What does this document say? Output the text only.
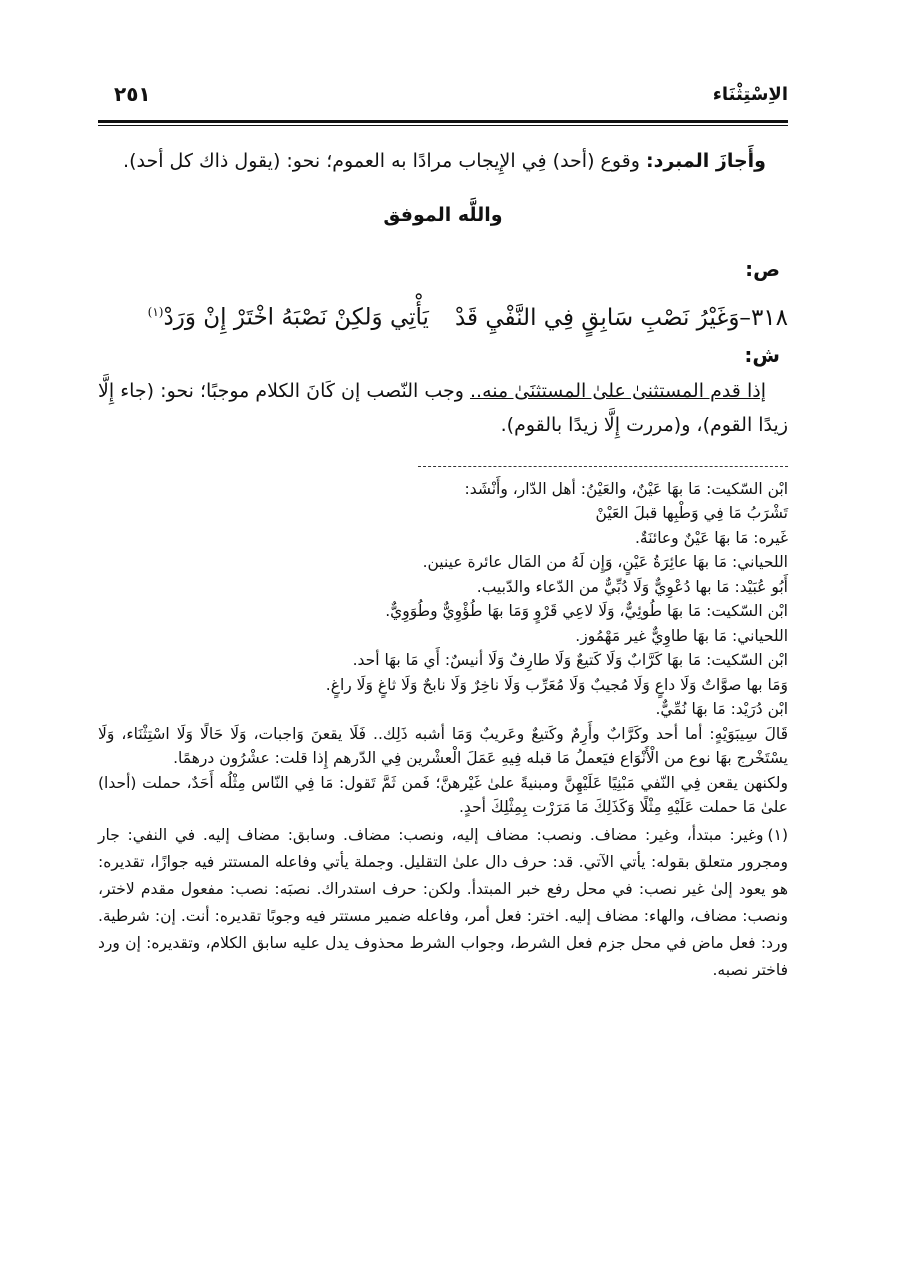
الاِسْتِثْنَاء
٢٥١

وأَجازَ المبرد: وقوع (أحد) فِي الإِيجاب مرادًا به العموم؛ نحو: (يقول ذاك كل أحد).

واللَّه الموفق
ص:
٣١٨–وَغَيْرُ نَصْبِ سَابِقٍ فِي النَّفْيِ قَدْيَأْتِي وَلكِنْ نَصْبَهُ اخْتَرْ إِنْ وَرَدْ$^{(١)}$
ش:

إذا قدم المستثنىٰ علىٰ المستثنَىٰ منه.. وجب النّصب إن كَانَ الكلام موجبًا؛ نحو: (جاء إِلَّا زيدًا القوم)، و(مررت إِلَّا زيدًا بالقوم).

ابْن السّكيت: مَا بهَا عَيْنٌ، والعَيْنُ: أهل الدّار، وأَنْشَد:
تَشْرَبُ مَا فِي وَطْبِها قبلَ العَيْنْ
غَيره: مَا بهَا عَيْنٌ وعائنَةٌ.
اللحياني: مَا بهَا عائِرَةُ عَيْنٍ، وَإِن لَهُ من المَال عائرة عينين.
أَبُو عُبَيْد: مَا بها دُعْوِيٌّ وَلَا دُبِّيٌّ من الدّعاء والدّبيب.
ابْن السّكيت: مَا بهَا طُوئِيٌّ، وَلَا لاعِي قَرْوٍ وَمَا بهَا طُؤْوِيٌّ وطُوَوِيٌّ.
اللحياني: مَا بهَا طاوِيٌّ غير مَهْمُوز.
ابْن السّكيت: مَا بهَا كَرَّابٌ وَلَا كَتيعٌ وَلَا طارِفٌ وَلَا أنيسٌ: أَي مَا بهَا أحد.
وَمَا بها صوَّاتٌ وَلَا داعٍ وَلَا مُجيبٌ وَلَا مُعَرِّب وَلَا ناخِرٌ وَلَا نابحٌ وَلَا ثاغٍ وَلَا راغٍ.
ابْن دُرَيْد: مَا بهَا نُمِّيٌّ.
قَالَ سِيبَوَيْهٍ: أما أحد وكَرَّابٌ وأَرِمٌ وكَتيعٌ وعَريبٌ وَمَا أشبه ذَلِك.. فَلَا يقعنَ وَاجبات، وَلَا حَالًا وَلَا اسْتِثْنَاء، وَلَا يسْتَخْرج بهَا نوع من الْأَنْوَاع فيَعملُ مَا قبله فِيهِ عَمَلَ الْعشْرين فِي الدّرهم إِذا قلت: عشْرُون درهمًا.
ولكنهن يقعن فِي النّفي مَبْنِيًا عَلَيْهِنَّ ومبنيةً علىٰ غَيْرهنَّ؛ فَمن ثَمَّ تَقول: مَا فِي النّاس مِثْلُه أَحَدٌ، حملت (أحدا) علىٰ مَا حملت عَلَيْهِ مِثْلًا وَكَذَلِكَ مَا مَرَرْت بِمِثْلِكَ أحدٍ.
(١)وغير: مبتدأ، وغير: مضاف. ونصب: مضاف إليه، ونصب: مضاف. وسابق: مضاف إليه. في النفي: جار ومجرور متعلق بقوله: يأتي الآتي. قد: حرف دال علىٰ التقليل. وجملة يأتي وفاعله المستتر فيه جوازًا، تقديره: هو يعود إلىٰ غير نصب: في محل رفع خبر المبتدأ. ولكن: حرف استدراك. نصبَه: نصب: مفعول مقدم لاختر، ونصب: مضاف، والهاء: مضاف إليه. اختر: فعل أمر، وفاعله ضمير مستتر فيه وجوبًا تقديره: أنت. إن: شرطية. ورد: فعل ماض في محل جزم فعل الشرط، وجواب الشرط محذوف يدل عليه سابق الكلام، وتقديره: إن ورد فاختر نصبه.
